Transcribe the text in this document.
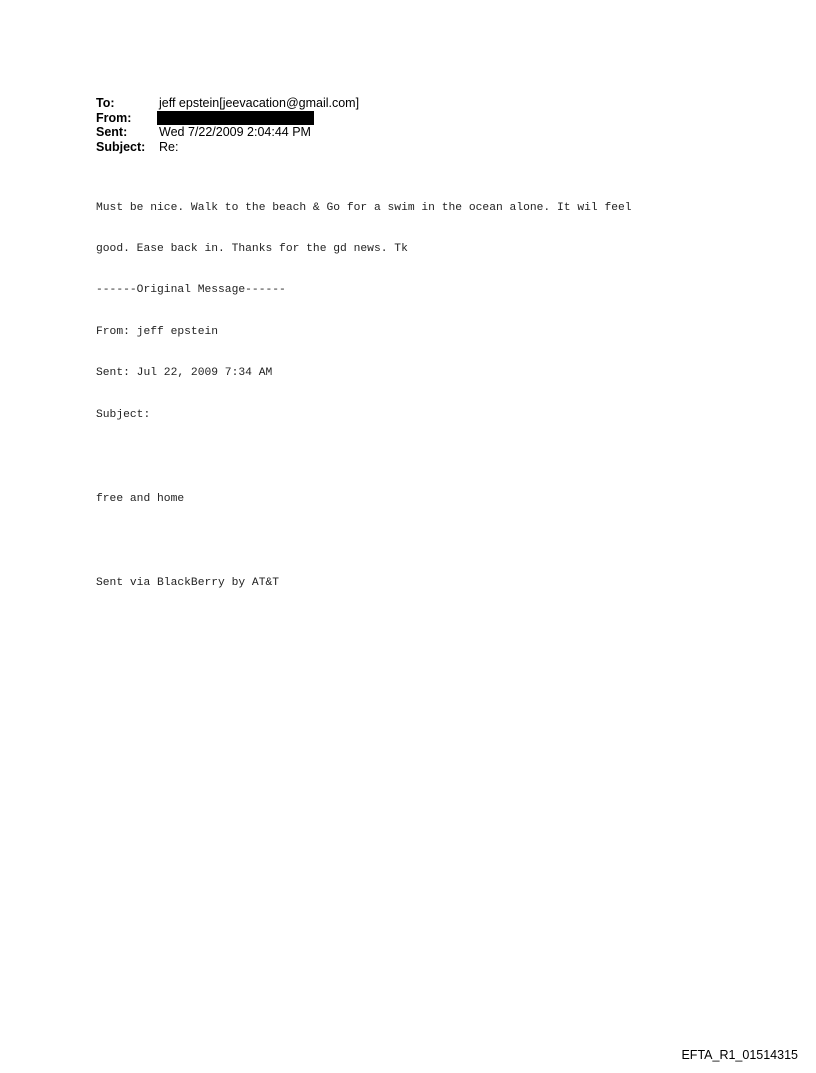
To:	jeff epstein[jeevacation@gmail.com]
From:
Sent:	Wed 7/22/2009 2:04:44 PM
Subject:	Re:

Must be nice. Walk to the beach & Go for a swim in the ocean alone. It wil feel

good. Ease back in. Thanks for the gd news. Tk

------Original Message------

From: jeff epstein

Sent: Jul 22, 2009 7:34 AM

Subject:

free and home

Sent via BlackBerry by AT&T

EFTA_R1_01514315
